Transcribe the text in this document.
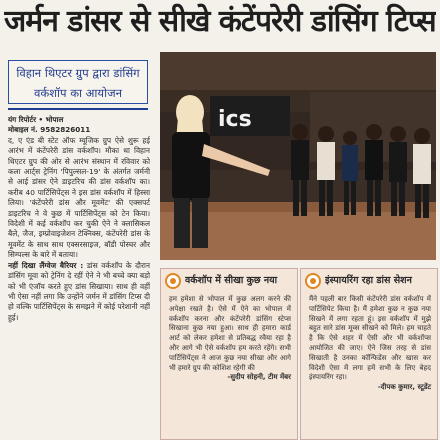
जर्मन डांसर से सीखे कंटेंपरेरी डांसिंग टिप्स
विहान थिएटर ग्रुप द्वारा डांसिंग
वर्कशॉप का आयोजन

यंग रिपोर्टर • भोपाल

मोबाइल नं. 9582826011

द, ए एंड बी स्टेट ऑफ म्यूजिक ग्रुप ऐसे शुरू हई आरंभ में कंटेंपरेरी डांस वर्कशॉप। मौका था विहान थिएटर ग्रुप की ओर से आरंभ संस्थान में रविवार को कला आर्ट्स ट्रेनिंग 'पिपुल्सल-19' के अंतर्गत जर्मनी से आई डांसर ऐने डाइटरिच की डांस वर्कशॉप का। करीब 40 पार्टिसिपेंट्स ने इस डांस वर्कशॉप में हिस्सा लिया। 'कंटेंपरेरी डांस और मूवमेंट' की एक्सपर्ट डाइटरिच ने वे कुछ में पार्टिसिपेंट्स को टेन किया। विदेशी में कई वर्कशॉप कर चुकी ऐने ने क्लासिकल बैले, जैज, इम्प्रोवाइजेशन टेक्निक्स, कंटेंपरेरी डांस के मूवमेंट के साथ साथ एक्सरसाइज, बॉडी पोस्चर और सिम्पल्स के बारे में बताया।

नहीं दिखा लैंग्वेज बैरियर : डांस वर्कशॉप के दौरान डांसिंग मूवा को ट्रेनिंग दे रहीं ऐने ने भी बच्चे क्या बड़ो को भी एंजॉय करते हुए डांस सिखाया। साथ ही वहीं भी ऐसा नहीं लगा कि उन्होंने जर्मन में डांसिंग टिप्स दी हो वल्कि पार्टिसिपेंट्स के समझने में कोई परेशानी नहीं हुई।

ics
वर्कशॉप में सीखा कुछ नया
हम हमेशा से भोपाल में कुछ अलग करने की अपेक्षा रखते है। ऐसे में ऐने का भोपाल में वर्कशॉप करना और कंटेंपरेरी डांसिंग स्टेप्स सिखाना कुछ नया हुआ। साथ ही हमारा कार्ड आर्ट को लेकर हमेशा से प्रतिबद्ध रवैया रहा है और आगे भी ऐसे वर्कशॉप हम करते रहेंगे। सभी पार्टिसिपेंट्स ने आज कुछ नया सीखा और आगे भी हमारे ग्रुप की कोशिश रहेगी की
-सुदीप सोहनी, टीम मेंबर
इंस्पायरिंग रहा डांस सेशन
मैंने पहली बार किसी कंटेंपरेरी डांस वर्कशॉप में पार्टिसिपेट किया है। मैं हमेशा कुछ न कुछ नया सिखने में लगा रहता हूं। इस वर्कशॉप में मुझे बहुत सारे डांस मूव्स सीखने को मिले। हम चाहते है कि ऐसे शहर में ऐसी और भी वर्कशॉप्स आयोजित की जाए। ऐने जिस तरह से डांस सिखाती है उनका कॉन्फिडेंस और खास कर विदेशी ऐसा में लगा हमें सभी के लिए बेहद इंस्पायरिंग रहा।
-दीपक कुमार, स्टूडेंट
